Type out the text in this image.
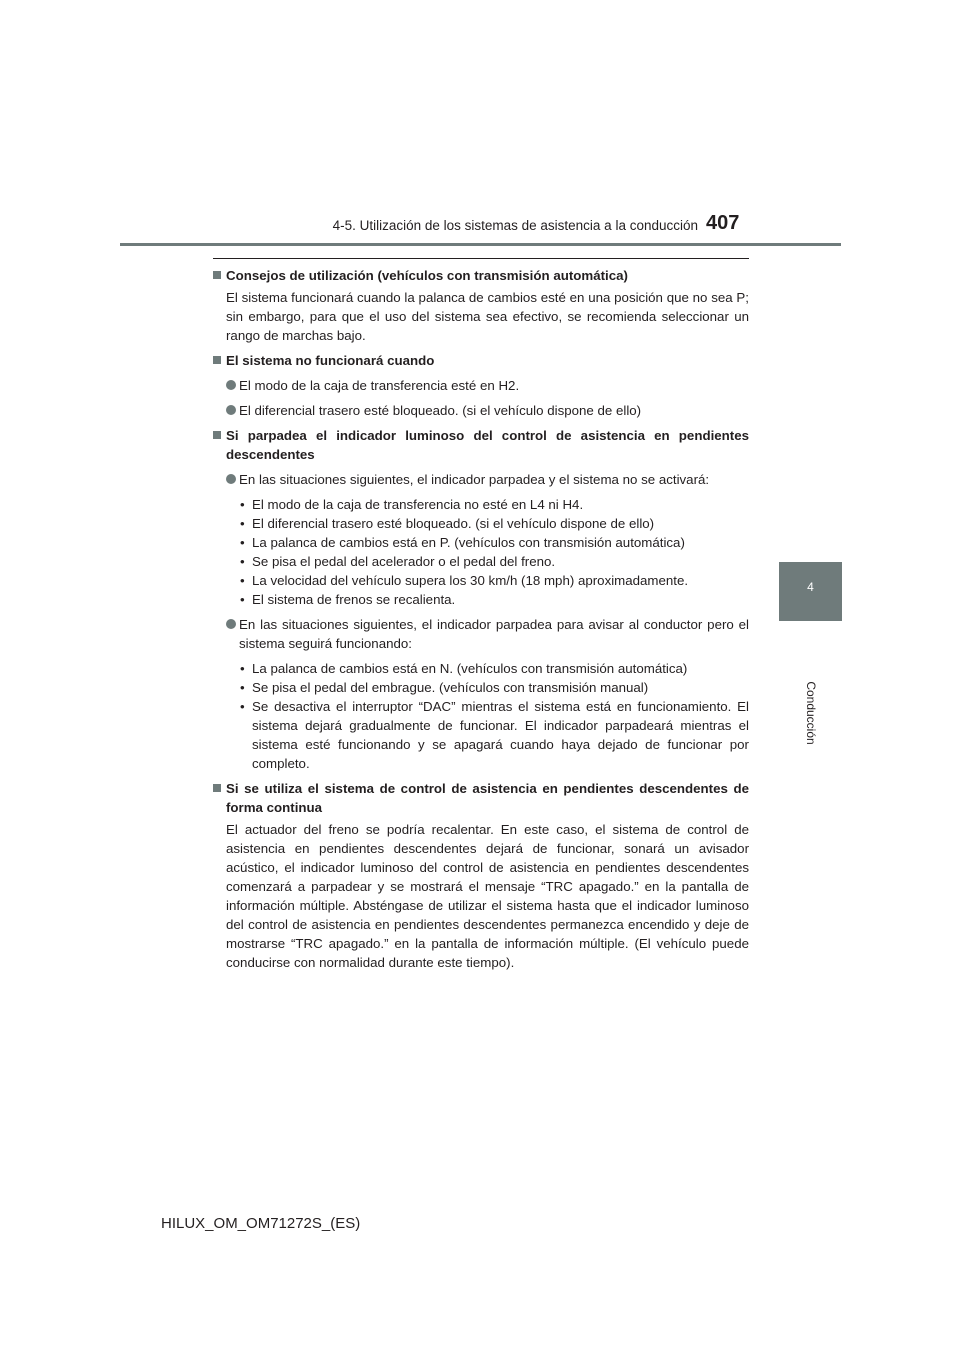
4-5. Utilización de los sistemas de asistencia a la conducción 407
4
Conducción
Consejos de utilización (vehículos con transmisión automática)
El sistema funcionará cuando la palanca de cambios esté en una posición que no sea P; sin embargo, para que el uso del sistema sea efectivo, se recomienda seleccionar un rango de marchas bajo.
El sistema no funcionará cuando
El modo de la caja de transferencia esté en H2.
El diferencial trasero esté bloqueado. (si el vehículo dispone de ello)
Si parpadea el indicador luminoso del control de asistencia en pendientes descendentes
En las situaciones siguientes, el indicador parpadea y el sistema no se activará:
• El modo de la caja de transferencia no esté en L4 ni H4.
• El diferencial trasero esté bloqueado. (si el vehículo dispone de ello)
• La palanca de cambios está en P. (vehículos con transmisión automática)
• Se pisa el pedal del acelerador o el pedal del freno.
• La velocidad del vehículo supera los 30 km/h (18 mph) aproximadamente.
• El sistema de frenos se recalienta.
En las situaciones siguientes, el indicador parpadea para avisar al conductor pero el sistema seguirá funcionando:
• La palanca de cambios está en N. (vehículos con transmisión automática)
• Se pisa el pedal del embrague. (vehículos con transmisión manual)
• Se desactiva el interruptor “DAC” mientras el sistema está en funcionamiento. El sistema dejará gradualmente de funcionar. El indicador parpadeará mientras el sistema esté funcionando y se apagará cuando haya dejado de funcionar por completo.
Si se utiliza el sistema de control de asistencia en pendientes descendentes de forma continua
El actuador del freno se podría recalentar. En este caso, el sistema de control de asistencia en pendientes descendentes dejará de funcionar, sonará un avisador acústico, el indicador luminoso del control de asistencia en pendientes descendentes comenzará a parpadear y se mostrará el mensaje “TRC apagado.” en la pantalla de información múltiple. Absténgase de utilizar el sistema hasta que el indicador luminoso del control de asistencia en pendientes descendentes permanezca encendido y deje de mostrarse “TRC apagado.” en la pantalla de información múltiple. (El vehículo puede conducirse con normalidad durante este tiempo).
HILUX_OM_OM71272S_(ES)
